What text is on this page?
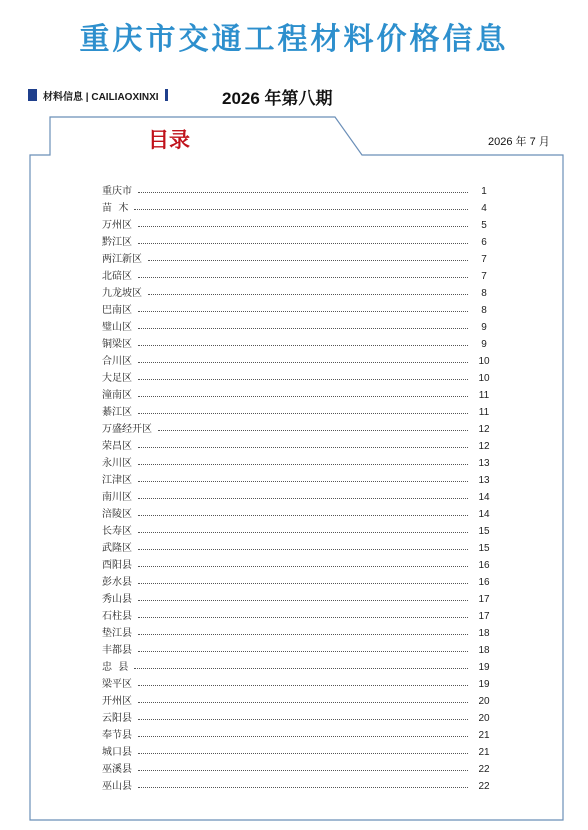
重庆市交通工程材料价格信息
材料信息 | CAILIAOXINXI	2026 年第八期
目录	2026 年 7 月
重庆市	1
苗  木	4
万州区	5
黔江区	6
两江新区	7
北碚区	7
九龙坡区	8
巴南区	8
璧山区	9
铜梁区	9
合川区	10
大足区	10
潼南区	11
綦江区	11
万盛经开区	12
荣昌区	12
永川区	13
江津区	13
南川区	14
涪陵区	14
长寿区	15
武隆区	15
酉阳县	16
彭水县	16
秀山县	17
石柱县	17
垫江县	18
丰都县	18
忠  县	19
梁平区	19
开州区	20
云阳县	20
奉节县	21
城口县	21
巫溪县	22
巫山县	22
